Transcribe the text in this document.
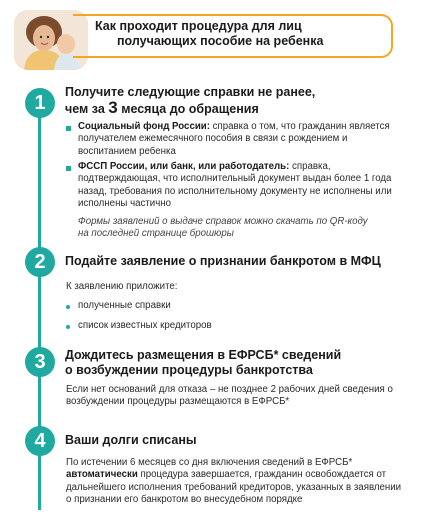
Как проходит процедура для лиц
получающих пособие на ребенка
1	Получите следующие справки не ранее,
чем за 3 месяца до обращения
Социальный фонд России: справка о том, что гражданин является получателем ежемесячного пособия в связи с рождением и воспитанием ребенка
ФССП России, или банк, или работодатель: справка, подтверждающая, что исполнительный документ выдан более 1 года назад, требования по исполнительному документу не исполнены или исполнены частично
Формы заявлений о выдаче справок можно скачать по QR-коду на последней странице брошюры
2	Подайте заявление о признании банкротом в МФЦ
К заявлению приложите:
полученные справки
список известных кредиторов
3	Дождитесь размещения в ЕФРСБ* сведений
о возбуждении процедуры банкротства
Если нет оснований для отказа – не позднее 2 рабочих дней сведения о возбуждении процедуры размещаются в ЕФРСБ*
4	Ваши долги списаны
По истечении 6 месяцев со дня включения сведений в ЕФРСБ* автоматически процедура завершается, гражданин освобождается от дальнейшего исполнения требований кредиторов, указанных в заявлении о признании его банкротом во внесудебном порядке
